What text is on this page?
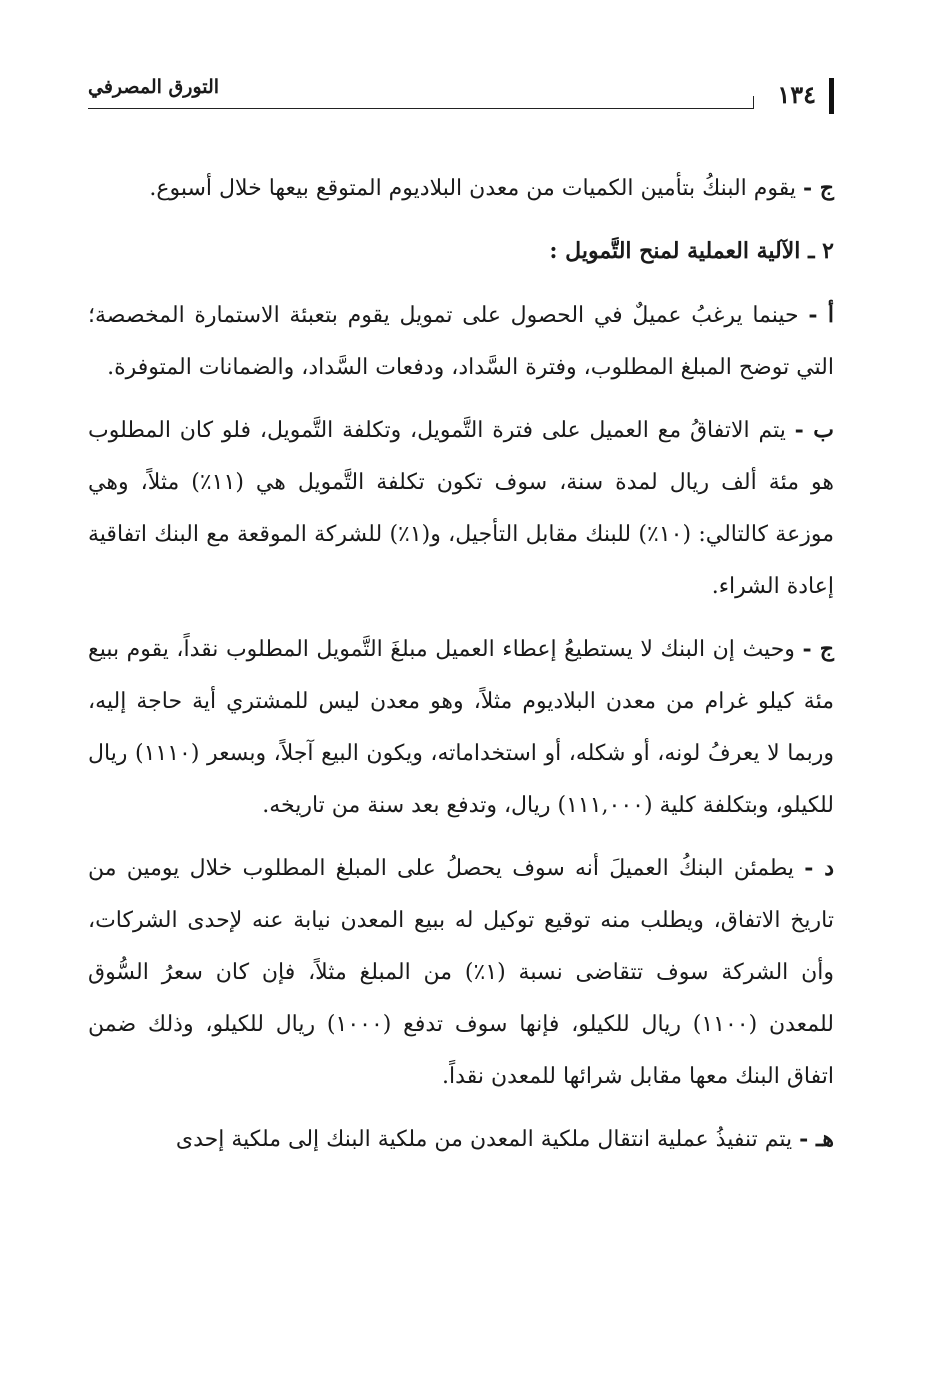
التورق المصرفي	١٣٤

ج - يقوم البنكُ بتأمين الكميات من معدن البلاديوم المتوقع بيعها خلال أسبوع.

٢ ـ الآلية العملية لمنح التَّمويل :

أ - حينما يرغبُ عميلٌ في الحصول على تمويل يقوم بتعبئة الاستمارة المخصصة؛ التي توضح المبلغ المطلوب، وفترة السَّداد، ودفعات السَّداد، والضمانات المتوفرة.

ب - يتم الاتفاقُ مع العميل على فترة التَّمويل، وتكلفة التَّمويل، فلو كان المطلوب هو مئة ألف ريال لمدة سنة، سوف تكون تكلفة التَّمويل هي (١١٪) مثلاً، وهي موزعة كالتالي: (١٠٪) للبنك مقابل التأجيل، و(١٪) للشركة الموقعة مع البنك اتفاقية إعادة الشراء.

ج - وحيث إن البنك لا يستطيعُ إعطاء العميل مبلغَ التَّمويل المطلوب نقداً، يقوم ببيع مئة كيلو غرام من معدن البلاديوم مثلاً، وهو معدن ليس للمشتري أية حاجة إليه، وربما لا يعرفُ لونه، أو شكله، أو استخداماته، ويكون البيع آجلاً، وبسعر (١١١٠) ريال للكيلو، وبتكلفة كلية (١١١,٠٠٠) ريال، وتدفع بعد سنة من تاريخه.

د - يطمئن البنكُ العميلَ أنه سوف يحصلُ على المبلغ المطلوب خلال يومين من تاريخ الاتفاق، ويطلب منه توقيع توكيل له ببيع المعدن نيابة عنه لإحدى الشركات، وأن الشركة سوف تتقاضى نسبة (١٪) من المبلغ مثلاً، فإن كان سعرُ السُّوق للمعدن (١١٠٠) ريال للكيلو، فإنها سوف تدفع (١٠٠٠) ريال للكيلو، وذلك ضمن اتفاق البنك معها مقابل شرائها للمعدن نقداً.

هـ - يتم تنفيذُ عملية انتقال ملكية المعدن من ملكية البنك إلى ملكية إحدى
